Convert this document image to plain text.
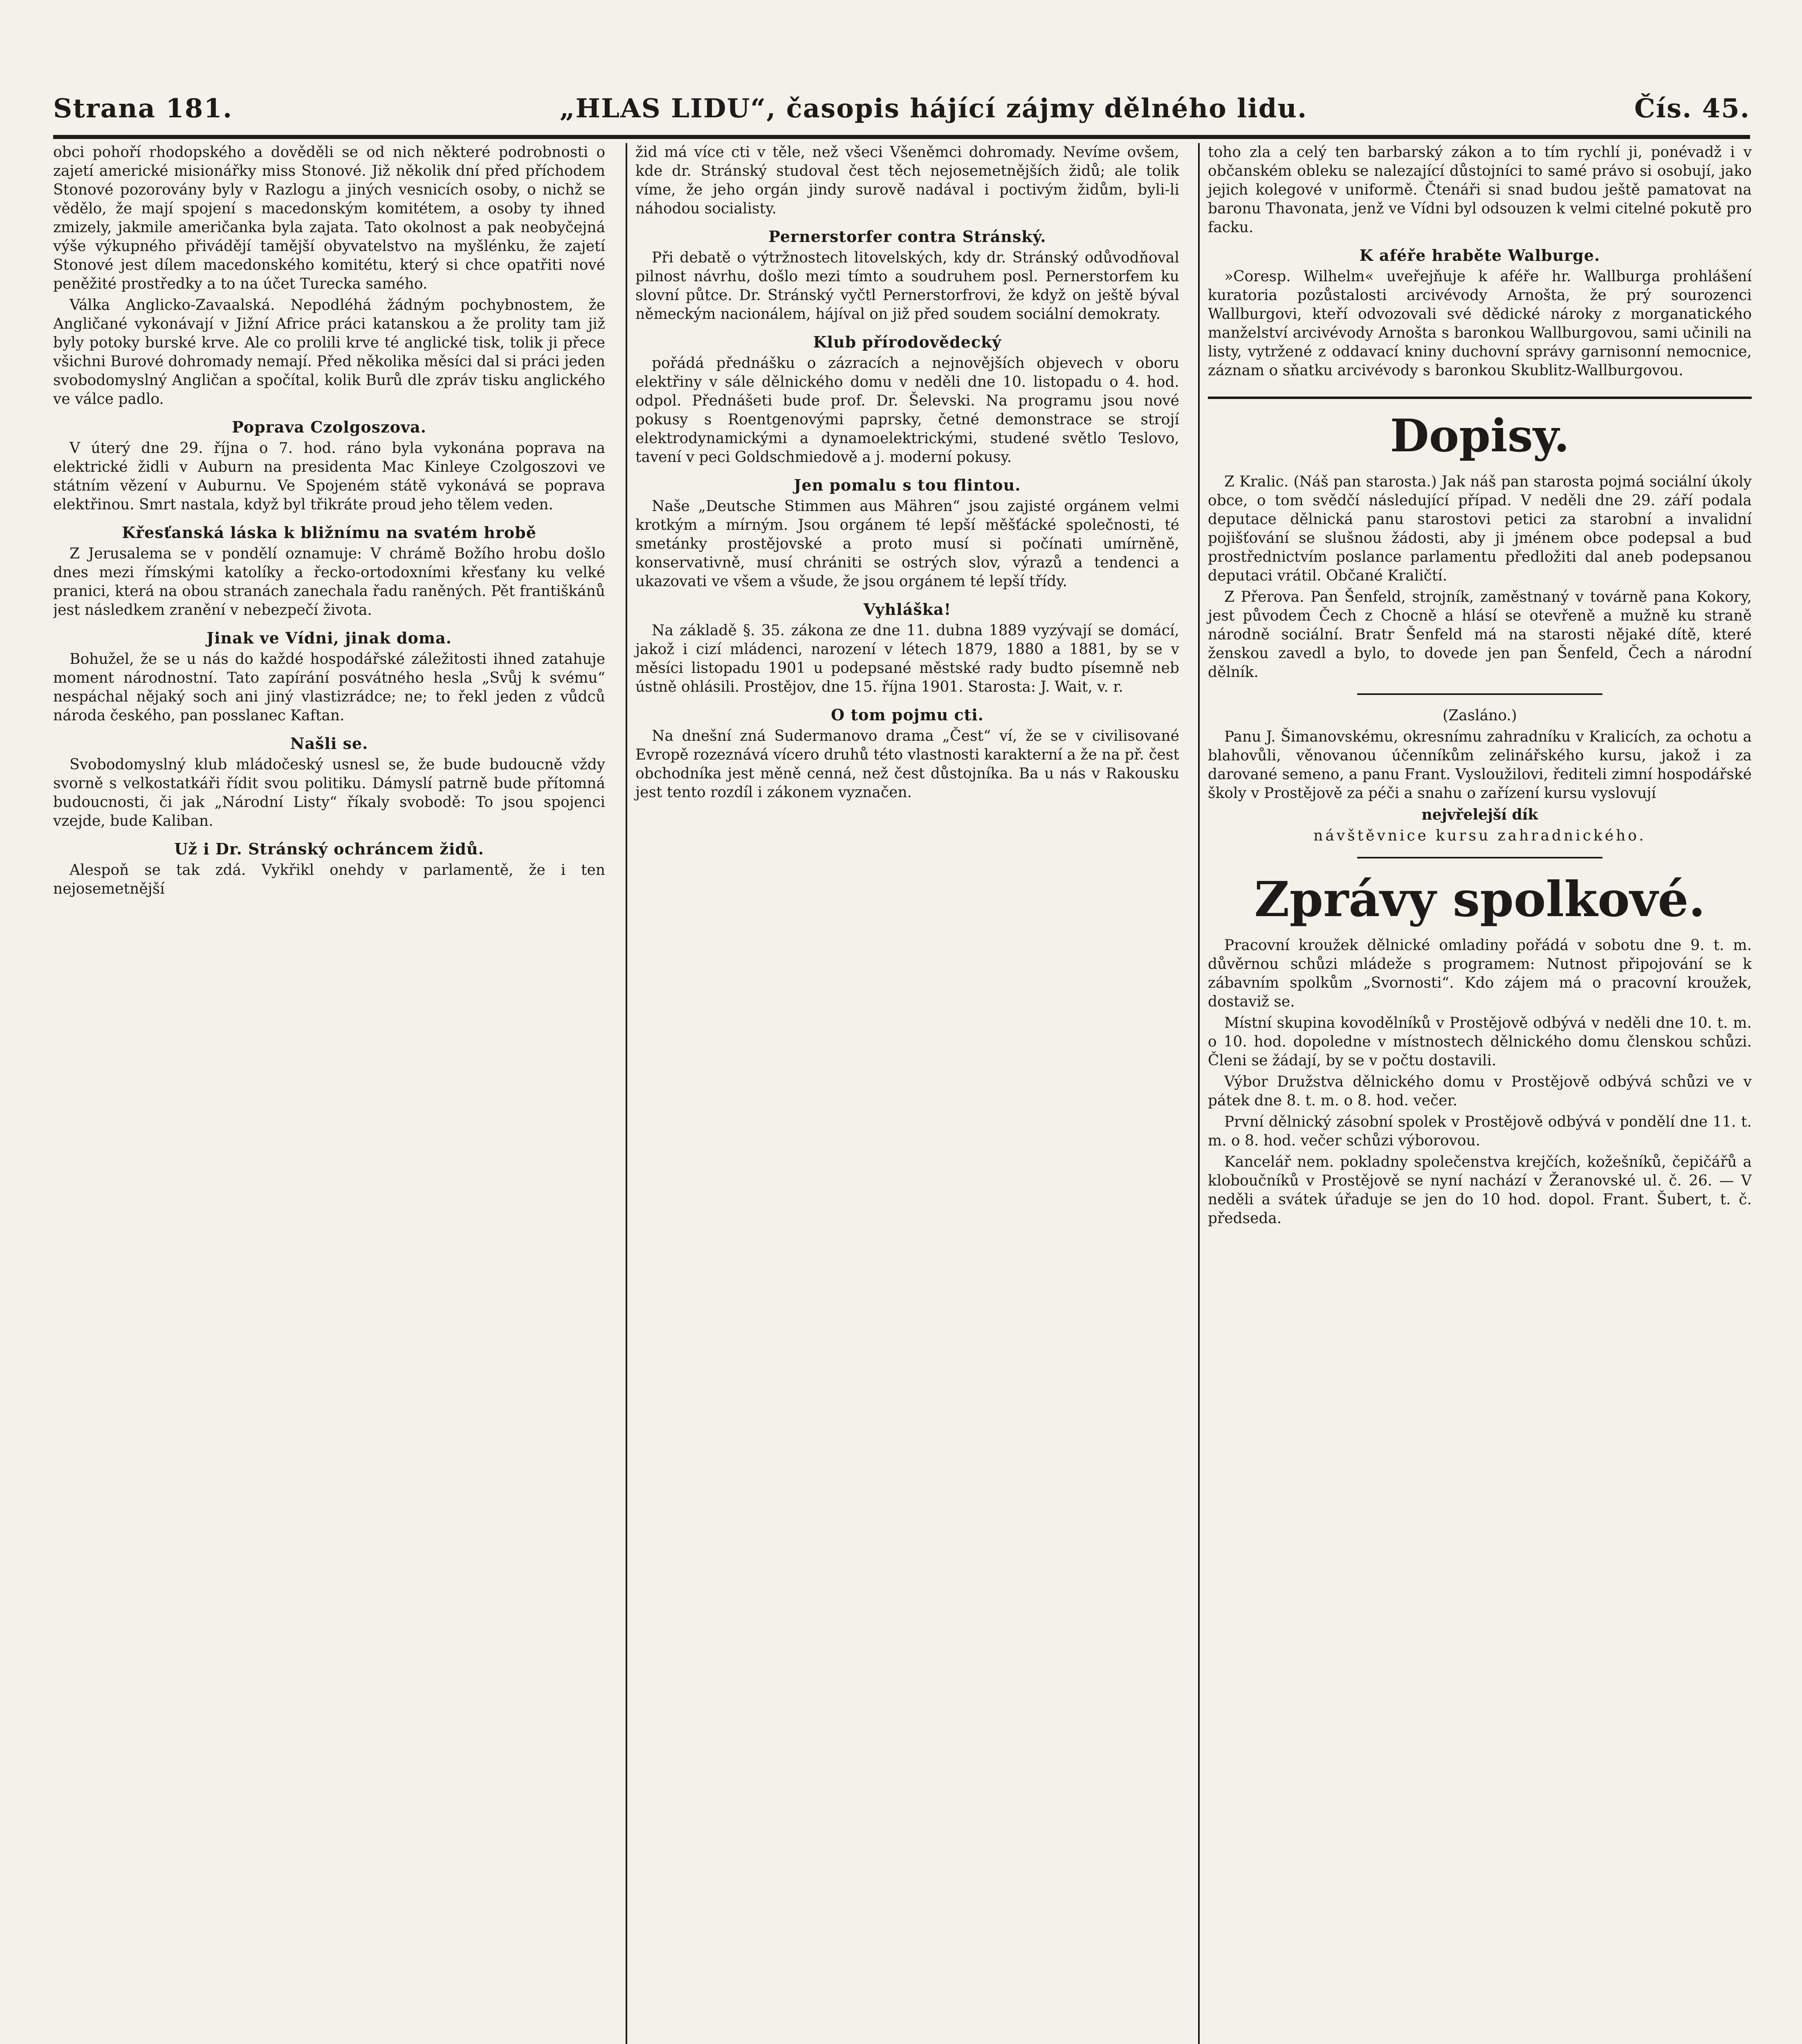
Strana 181.	„HLAS LIDU“, časopis hájící zájmy dělného lidu.	Čís. 45.

obci pohoří rhodopského a dověděli se od nich některé podrobnosti o zajetí americké misionářky miss Stonové. Již několik dní před příchodem Stonové pozorovány byly v Razlogu a jiných vesnicích osoby, o nichž se vědělo, že mají spojení s macedonským komitétem, a osoby ty ihned zmizely, jakmile američanka byla zajata. Tato okolnost a pak neobyčejná výše výkupného přivádějí tamější obyvatelstvo na myšlénku, že zajetí Stonové jest dílem macedonského komitétu, který si chce opatřiti nové peněžité prostředky a to na účet Turecka samého.

Válka Anglicko-Zavaalská. Nepodléhá žádným pochybnostem, že Angličané vykonávají v Jižní Africe práci katanskou a že prolity tam již byly potoky burské krve. Ale co prolili krve té anglické tisk, tolik ji přece všichni Burové dohromady nemají. Před několika měsíci dal si práci jeden svobodomyslný Angličan a spočítal, kolik Burů dle zpráv tisku anglického ve válce padlo.

Poprava Czolgoszova.

V úterý dne 29. října o 7. hod. ráno byla vykonána poprava na elektrické židli v Auburn na presidenta Mac Kinleye Czolgoszovi ve státním vězení v Auburnu. Ve Spojeném státě vykonává se poprava elektřinou. Smrt nastala, když byl třikráte proud jeho tělem veden.

Křesťanská láska k bližnímu na svatém hrobě

Z Jerusalema se v pondělí oznamuje: V chrámě Božího hrobu došlo dnes mezi římskými katolíky a řecko-ortodoxními křesťany ku velké pranici, která na obou stranách zanechala řadu raněných. Pět františkánů jest následkem zranění v nebezpečí života.

Jinak ve Vídni, jinak doma.

Bohužel, že se u nás do každé hospodářské záležitosti ihned zatahuje moment národnostní. Tato zapírání posvátného hesla „Svůj k svému“ nespáchal nějaký soch ani jiný vlastizrádce; ne; to řekl jeden z vůdců národa českého, pan posslanec Kaftan.

Našli se.

Svobodomyslný klub mládočeský usnesl se, že bude budoucně vždy svorně s velkostatkáři řídit svou politiku. Dámyslí patrně bude přítomná budoucnosti, či jak „Národní Listy“ říkaly svobodě: To jsou spojenci vzejde, bude Kaliban.

Už i Dr. Stránský ochráncem židů.

Alespoň se tak zdá. Vykřikl onehdy v parlamentě, že i ten nejosemetnější

žid má více cti v těle, než všeci Všeněmci dohromady. Nevíme ovšem, kde dr. Stránský studoval čest těch nejosemetnějších židů; ale tolik víme, že jeho orgán jindy surově nadával i poctivým židům, byli-li náhodou socialisty.

Pernerstorfer contra Stránský.

Při debatě o výtržnostech litovelských, kdy dr. Stránský odůvodňoval pilnost návrhu, došlo mezi tímto a soudruhem posl. Pernerstorfem ku slovní půtce. Dr. Stránský vyčtl Pernerstorfrovi, že když on ještě býval německým nacionálem, hájíval on již před soudem sociální demokraty.

Klub přírodovědecký

pořádá přednášku o zázracích a nejnovějších objevech v oboru elektřiny v sále dělnického domu v neděli dne 10. listopadu o 4. hod. odpol. Přednášeti bude prof. Dr. Šelevski. Na programu jsou nové pokusy s Roentgenovými paprsky, četné demonstrace se strojí elektrodynamickými a dynamoelektrickými, studené světlo Teslovo, tavení v peci Goldschmiedově a j. moderní pokusy.

Jen pomalu s tou flintou.

Naše „Deutsche Stimmen aus Mähren“ jsou zajisté orgánem velmi krotkým a mírným. Jsou orgánem té lepší měšťácké společnosti, té smetánky prostějovské a proto musí si počínati umírněně, konservativně, musí chrániti se ostrých slov, výrazů a tendenci a ukazovati ve všem a všude, že jsou orgánem té lepší třídy.

Vyhláška!

Na základě §. 35. zákona ze dne 11. dubna 1889 vyzývají se domácí, jakož i cizí mládenci, narození v létech 1879, 1880 a 1881, by se v měsíci listopadu 1901 u podepsané městské rady budto písemně neb ústně ohlásili. Prostějov, dne 15. října 1901. Starosta: J. Wait, v. r.

O tom pojmu cti.

Na dnešní zná Sudermanovo drama „Čest“ ví, že se v civilisované Evropě rozeznává vícero druhů této vlastnosti karakterní a že na př. čest obchodníka jest měně cenná, než čest důstojníka. Ba u nás v Rakousku jest tento rozdíl i zákonem vyznačen.

toho zla a celý ten barbarský zákon a to tím rychlí ji, ponévadž i v občanském obleku se nalezající důstojníci to samé právo si osobují, jako jejich kolegové v uniformě. Čtenáři si snad budou ještě pamatovat na baronu Thavonata, jenž ve Vídni byl odsouzen k velmi citelné pokutě pro facku.

K aféře hraběte Walburge.

»Coresp. Wilhelm« uveřejňuje k aféře hr. Wallburga prohlášení kuratoria pozůstalosti arcivévody Arnošta, že prý sourozenci Wallburgovi, kteří odvozovali své dědické nároky z morganatického manželství arcivévody Arnošta s baronkou Wallburgovou, sami učinili na listy, vytržené z oddavací kniny duchovní správy garnisonní nemocnice, záznam o sňatku arcivévody s baronkou Skublitz-Wallburgovou.

Dopisy.

Z Kralic. (Náš pan starosta.) Jak náš pan starosta pojmá sociální úkoly obce, o tom svědčí následující případ. V neděli dne 29. září podala deputace dělnická panu starostovi petici za starobní a invalidní pojišťování se slušnou žádosti, aby ji jménem obce podepsal a bud prostřednictvím poslance parlamentu předložiti dal aneb podepsanou deputaci vrátil. Občané Kraličtí.

Z Přerova. Pan Šenfeld, strojník, zaměstnaný v továrně pana Kokory, jest původem Čech z Chocně a hlásí se otevřeně a mužně ku straně národně sociální. Bratr Šenfeld má na starosti nějaké dítě, které ženskou zavedl a bylo, to dovede jen pan Šenfeld, Čech a národní dělník.

(Zasláno.)

Panu J. Šimanovskému, okresnímu zahradníku v Kralicích, za ochotu a blahovůli, věnovanou účenníkům zelinářského kursu, jakož i za darované semeno, a panu Frant. Vysloužilovi, řediteli zimní hospodářské školy v Prostějově za péči a snahu o zařízení kursu vyslovují

nejvřelejší dík

návštěvnice kursu zahradnického.

Zprávy spolkové.

Pracovní kroužek dělnické omladiny pořádá v sobotu dne 9. t. m. důvěrnou schůzi mládeže s programem: Nutnost připojování se k zábavním spolkům „Svornosti“. Kdo zájem má o pracovní kroužek, dostaviž se.

Místní skupina kovodělníků v Prostějově odbývá v neděli dne 10. t. m. o 10. hod. dopoledne v místnostech dělnického domu členskou schůzi. Členi se žádají, by se v počtu dostavili.

Výbor Družstva dělnického domu v Prostějově odbývá schůzi ve v pátek dne 8. t. m. o 8. hod. večer.

První dělnický zásobní spolek v Prostějově odbývá v pondělí dne 11. t. m. o 8. hod. večer schůzi výborovou.

Kancelář nem. pokladny společenstva krejčích, kožešníků, čepičářů a kloboučníků v Prostějově se nyní nachází v Žeranovské ul. č. 26. — V neděli a svátek úřaduje se jen do 10 hod. dopol. Frant. Šubert, t. č. předseda.
